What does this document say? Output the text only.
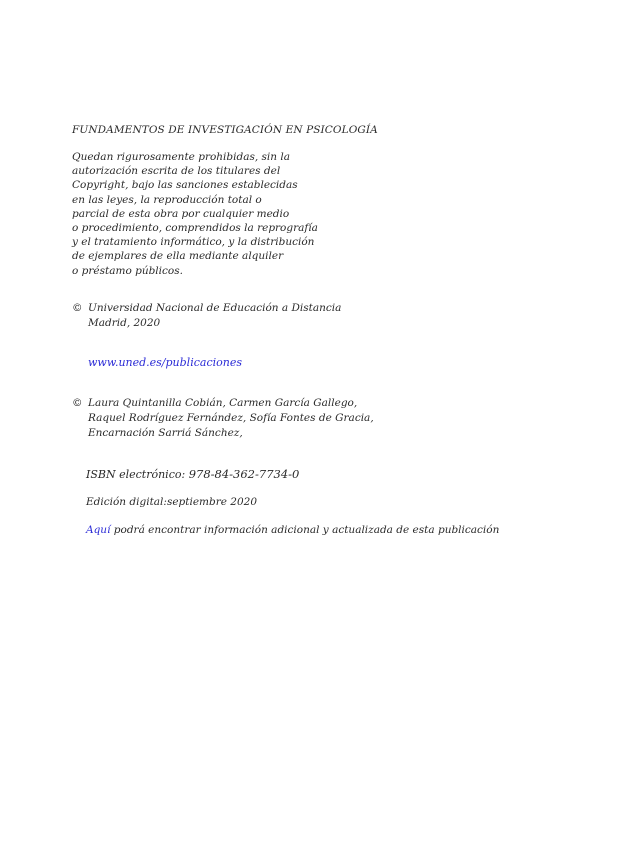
FUNDAMENTOS DE INVESTIGACIÓN EN PSICOLOGÍA
Quedan rigurosamente prohibidas, sin la
autorización escrita de los titulares del
Copyright, bajo las sanciones establecidas
en las leyes, la reproducción total o
parcial de esta obra por cualquier medio
o procedimiento, comprendidos la reprografía
y el tratamiento informático, y la distribución
de ejemplares de ella mediante alquiler
o préstamo públicos.
© Universidad Nacional de Educación a Distancia
Madrid, 2020
www.uned.es/publicaciones
© Laura Quintanilla Cobián, Carmen García Gallego,
Raquel Rodríguez Fernández, Sofía Fontes de Gracia,
Encarnación Sarriá Sánchez,
ISBN electrónico: 978-84-362-7734-0
Edición digital:septiembre 2020
Aquí podrá encontrar información adicional y actualizada de esta publicación
